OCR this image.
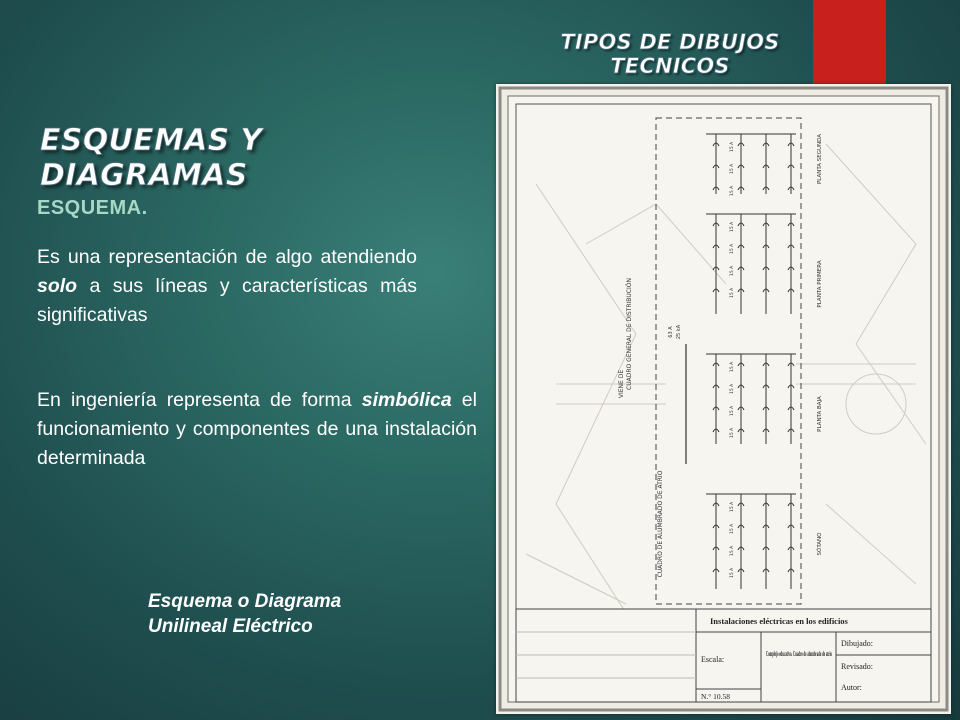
TIPOS DE DIBUJOS TECNICOS
ESQUEMAS Y DIAGRAMAS
ESQUEMA.
Es una representación de algo atendiendo solo a sus líneas y características más significativas
En ingeniería representa de forma simbólica el funcionamiento y componentes de una instalación determinada
Esquema o Diagrama
Unilineal Eléctrico
VIENE DE CUADRO GENERAL DE DISTRIBUCIÓN	63 A 25 kA
CUADRO DE ALUMBRADO DE ATRIO
PLANTA SEGUNDA
PLANTA PRIMERA
PLANTA BAJA
SÓTANO
15 A
15 A
15 A
15 A
15 A
15 A
15 A
15 A
15 A
15 A
15 A
15 A
15 A
15 A
15 A
Instalaciones eléctricas en los edificios
Dibujado:
Revisado:
Autor:
Escala:
Complejo educativo. Cuadro de alumbrado de atrio
N.° 10.58
